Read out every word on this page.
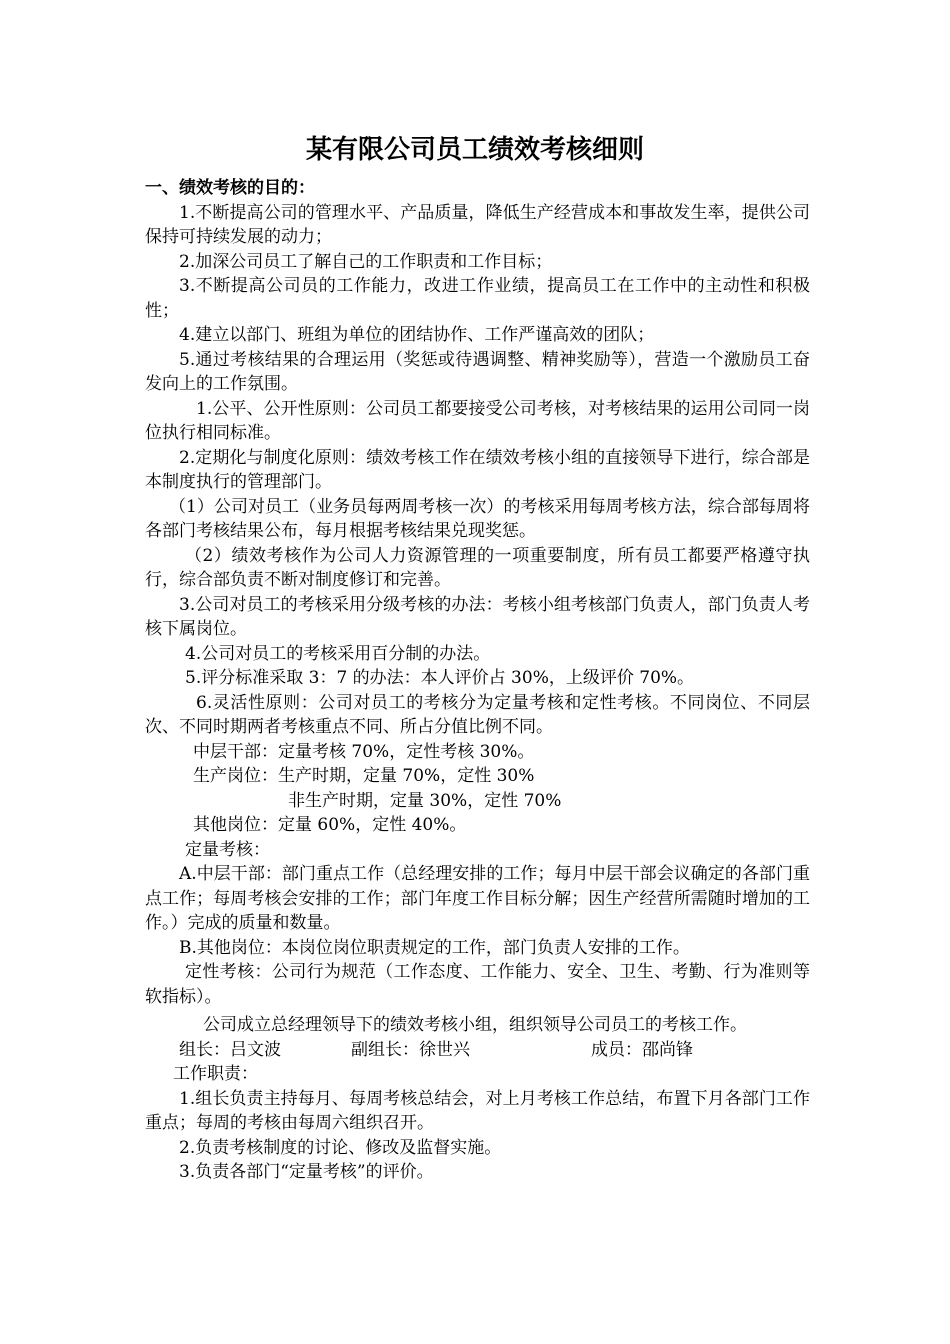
某有限公司员工绩效考核细则

一、绩效考核的目的：

1.不断提高公司的管理水平、产品质量，降低生产经营成本和事故发生率，提供公司保持可持续发展的动力；

2.加深公司员工了解自己的工作职责和工作目标；

3.不断提高公司员的工作能力，改进工作业绩，提高员工在工作中的主动性和积极性；

4.建立以部门、班组为单位的团结协作、工作严谨高效的团队；

5.通过考核结果的合理运用（奖惩或待遇调整、精神奖励等），营造一个激励员工奋发向上的工作氛围。

1.公平、公开性原则：公司员工都要接受公司考核，对考核结果的运用公司同一岗位执行相同标准。

2.定期化与制度化原则：绩效考核工作在绩效考核小组的直接领导下进行，综合部是本制度执行的管理部门。

（1）公司对员工（业务员每两周考核一次）的考核采用每周考核方法，综合部每周将各部门考核结果公布，每月根据考核结果兑现奖惩。

（2）绩效考核作为公司人力资源管理的一项重要制度，所有员工都要严格遵守执行，综合部负责不断对制度修订和完善。

3.公司对员工的考核采用分级考核的办法：考核小组考核部门负责人，部门负责人考核下属岗位。

4.公司对员工的考核采用百分制的办法。

5.评分标准采取 3：7 的办法：本人评价占 30%，上级评价 70%。

6.灵活性原则：公司对员工的考核分为定量考核和定性考核。不同岗位、不同层次、不同时期两者考核重点不同、所占分值比例不同。

中层干部： 定量考核 70%，定性考核 30%。
生产岗位： 生产时期，定量 70%，定性 30%
非生产时期，定量 30%，定性 70%
其他岗位： 定量 60%，定性 40%。

定量考核：

A.中层干部：部门重点工作（总经理安排的工作；每月中层干部会议确定的各部门重点工作；每周考核会安排的工作；部门年度工作目标分解；因生产经营所需随时增加的工作。）完成的质量和数量。

B.其他岗位：本岗位岗位职责规定的工作，部门负责人安排的工作。

定性考核：公司行为规范（工作态度、工作能力、安全、卫生、考勤、行为准则等软指标）。

公司成立总经理领导下的绩效考核小组，组织领导公司员工的考核工作。

组长：吕文波	副组长：徐世兴	成员：邵尚锋

工作职责：

1.组长负责主持每月、每周考核总结会，对上月考核工作总结，布置下月各部门工作重点；每周的考核由每周六组织召开。

2.负责考核制度的讨论、修改及监督实施。

3.负责各部门“定量考核”的评价。
